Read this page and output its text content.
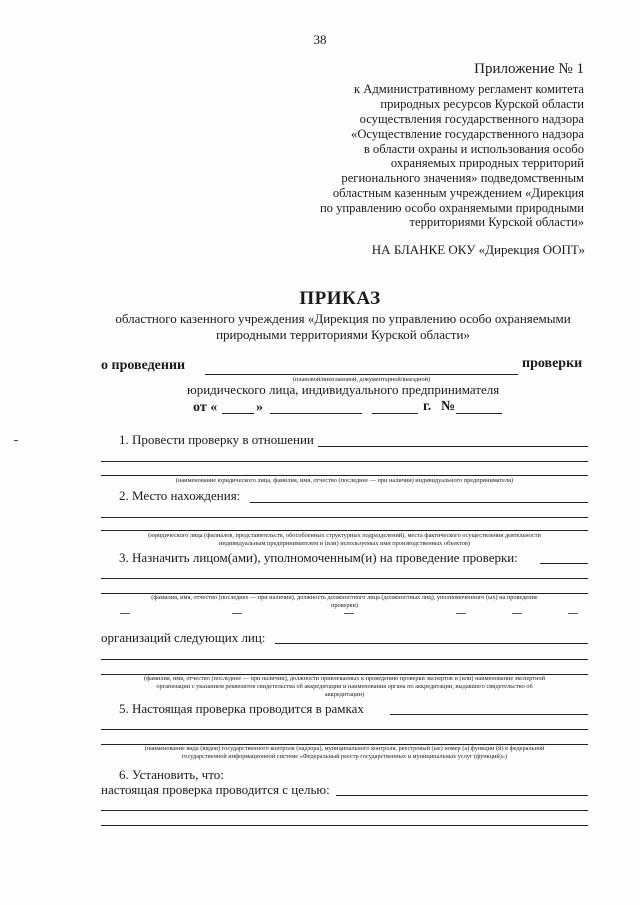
38
Приложение № 1
к Административному регламент комитета
природных ресурсов Курской области
осуществления государственного надзора
«Осуществление государственного надзора
в области охраны и использования особо
охраняемых природных территорий
регионального значения» подведомственным
областным казенным учреждением «Дирекция
по управлению особо охраняемыми природными
территориями Курской области»
НА БЛАНКЕ ОКУ «Дирекция ООПТ»
ПРИКАЗ
областного казенного учреждения «Дирекция по управлению особо охраняемыми
природными территориями Курской области»
о проведении
(плановой/внеплановой, документарной/выездной)
проверки
юридического лица, индивидуального предпринимателя
от «	»	г. №
1. Провести проверку в отношении
(наименование юридического лица, фамилия, имя, отчество (последнее — при наличии) индивидуального предпринимателя)
2. Место нахождения:
(юридического лица (филиалов, представительств, обособленных структурных подразделений), места фактического осуществления деятельности
индивидуальным предпринимателем и (или) используемых ими производственных объектов)
3. Назначить лицом(ами), уполномоченным(и) на проведение проверки:
(фамилия, имя, отчество (последнее — при наличии), должность должностного лица (должностных лиц), уполномоченного (ых) на проведение
проверки)
организаций следующих лиц:
(фамилия, имя, отчество (последнее — при наличии), должности привлекаемых к проведению проверки экспертов и (или) наименование экспертной
организации с указанием реквизитов свидетельства об аккредитации и наименования органа по аккредитации, выдавшего свидетельство об
аккредитации)
5. Настоящая проверка проводится в рамках
(наименование вида (видов) государственного контроля (надзора), муниципального контроля, реестровый (ые) номер (а) функции (й) в федеральной
государственной информационной системе «Федеральный реестр государственных и муниципальных услуг (функций)»)
6. Установить, что:
настоящая проверка проводится с целью:
